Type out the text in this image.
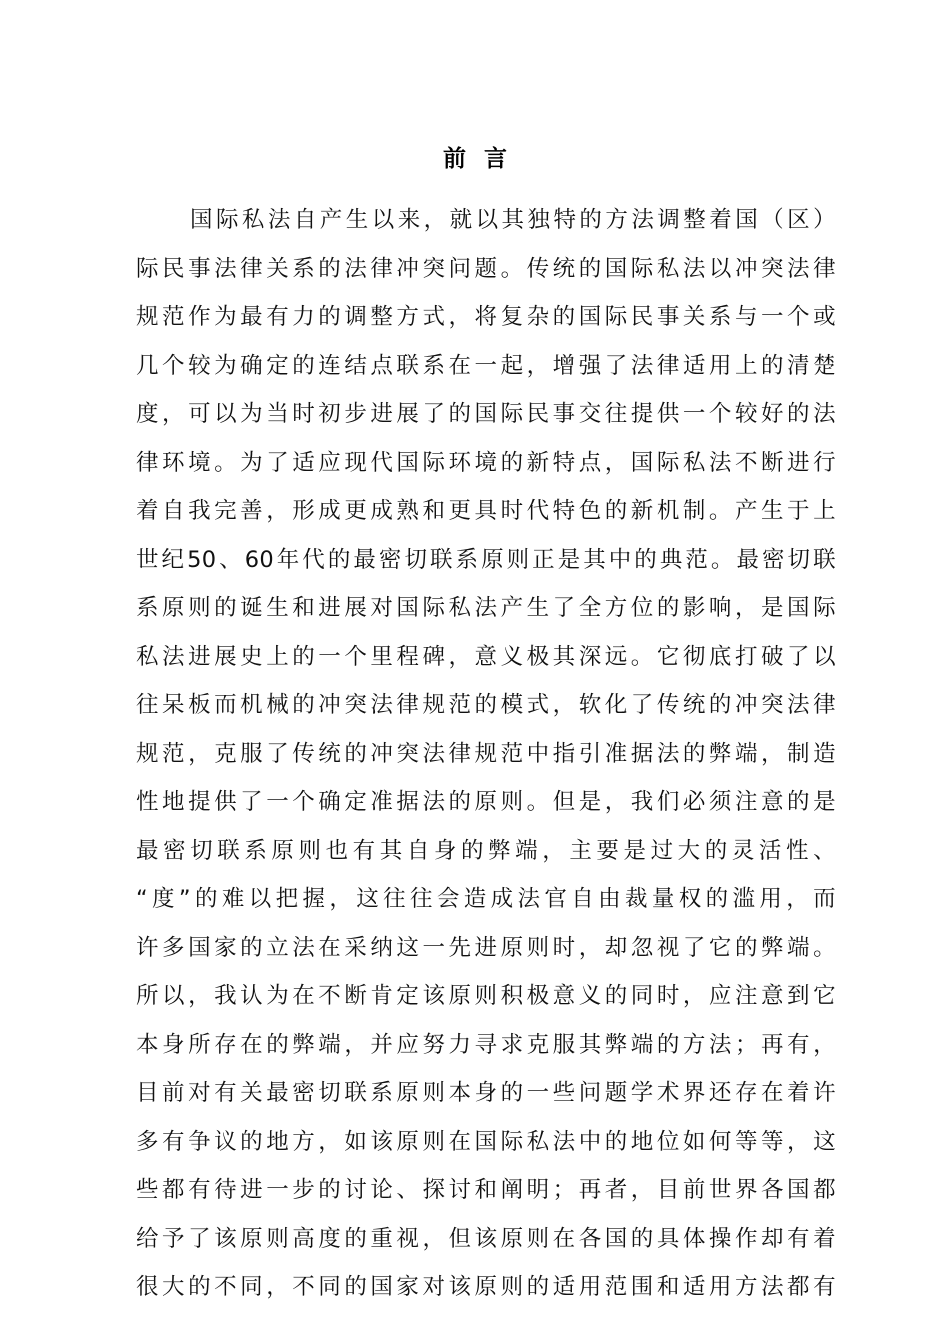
前言
国际私法自产生以来，就以其独特的方法调整着国（区）
际民事法律关系的法律冲突问题。传统的国际私法以冲突法律
规范作为最有力的调整方式，将复杂的国际民事关系与一个或
几个较为确定的连结点联系在一起，增强了法律适用上的清楚
度，可以为当时初步进展了的国际民事交往提供一个较好的法
律环境。为了适应现代国际环境的新特点，国际私法不断进行
着自我完善，形成更成熟和更具时代特色的新机制。产生于上
世纪50、60年代的最密切联系原则正是其中的典范。最密切联
系原则的诞生和进展对国际私法产生了全方位的影响，是国际
私法进展史上的一个里程碑，意义极其深远。它彻底打破了以
往呆板而机械的冲突法律规范的模式，软化了传统的冲突法律
规范，克服了传统的冲突法律规范中指引准据法的弊端，制造
性地提供了一个确定准据法的原则。但是，我们必须注意的是
最密切联系原则也有其自身的弊端，主要是过大的灵活性、
“度”的难以把握，这往往会造成法官自由裁量权的滥用，而
许多国家的立法在采纳这一先进原则时，却忽视了它的弊端。
所以，我认为在不断肯定该原则积极意义的同时，应注意到它
本身所存在的弊端，并应努力寻求克服其弊端的方法；再有，
目前对有关最密切联系原则本身的一些问题学术界还存在着许
多有争议的地方，如该原则在国际私法中的地位如何等等，这
些都有待进一步的讨论、探讨和阐明；再者，目前世界各国都
给予了该原则高度的重视，但该原则在各国的具体操作却有着
很大的不同，不同的国家对该原则的适用范围和适用方法都有
